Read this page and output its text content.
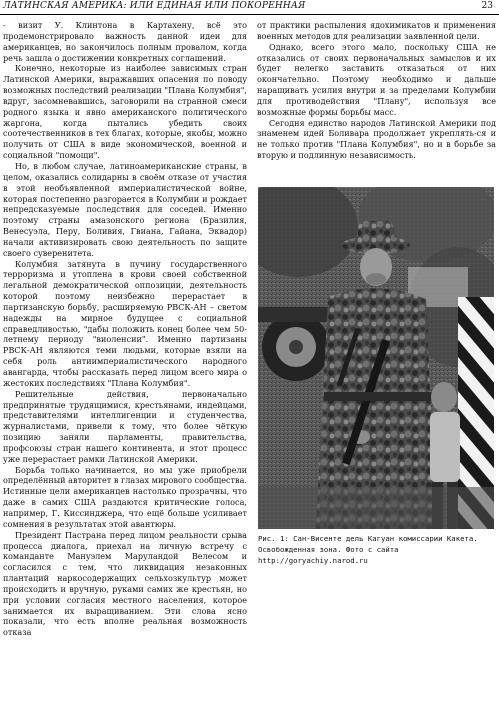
ЛАТИНСКАЯ АМЕРИКА: ИЛИ ЕДИНАЯ ИЛИ ПОКОРЕННАЯ	23

- визит У. Клинтона в Картахену, всё это продемонстрировало важность данной идеи для американцев, но закончилось полным провалом, когда речь зашла о достижении конкретных соглашений.

Конечно, некоторые из наиболее зависимых стран Латинской Америки, выражавших опасения по поводу возможных последствий реализации "Плана Колумбия", вдруг, засомневавшись, заговорили на странной смеси родного языка и явно американского политического жаргона, когда пытались убедить своих соотечественников в тех благах, которые, якобы, можно получить от США в виде экономической, военной и социальной "помощи".

Но, в любом случае, латиноамериканские страны, в целом, оказались солидарны в своём отказе от участия в этой необъявленной империалистической войне, которая постепенно разгорается в Колумбии и рождает непредсказуемые последствия для соседей. Именно поэтому страны амазонского региона (Бразилия, Венесуэла, Перу, Боливия, Гвиана, Гайана, Эквадор) начали активизировать свою деятельность по защите своего суверенитета.

Колумбия затянута в пучину государственного терроризма и утоплена в крови своей собственной легальной демократической оппозиции, деятельность которой поэтому неизбежно перерастает в партизанскую борьбу, расширяемую РВСК-АН – светом надежды на мирное будущее с социальной справедливостью, "дабы положить конец более чем 50-летнему периоду "виоленсии". Именно партизаны РВСК-АН являются теми людьми, которые взяли на себя роль антиимпериалистического народного авангарда, чтобы рассказать перед лицом всего мира о жестоких последствиях "Плана Колумбия".

Решительные действия, первоначально предпринятые трудящимися, крестьянами, индейцами, представителями интеллигенции и студенчества, журналистами, привели к тому, что более чёткую позицию заняли парламенты, правительства, профсоюзы стран нашего континента, и этот процесс уже перерастает рамки Латинской Америки.

Борьба только начинается, но мы уже приобрели определённый авторитет в глазах мирового сообщества. Истинные цели американцев настолько прозрачны, что даже в самих США раздаются критические голоса, например, Г. Киссинджера, что ещё больше усиливает сомнения в результатах этой авантюры.

Президент Пастрана перед лицом реальности срыва процесса диалога, приехал на личную встречу с команданте Мануэлем Маруландой Велесом и согласился с тем, что ликвидация незаконных плантаций наркосодержащих сельхозкультур может происходить и вручную, руками самих же крестьян, но при условии согласия местного населения, которое занимается их выращиванием. Эти слова ясно показали, что есть вполне реальная возможность отказа

от практики распыления ядохимикатов и применения военных методов для реализации заявленной цели.

Однако, всего этого мало, поскольку США не отказались от своих первоначальных замыслов и их будет нелегко заставить отказаться от них окончательно. Поэтому необходимо и дальше наращивать усилия внутри и за пределами Колумбии для противодействия "Плану", используя все возможные формы борьбы масс.

Сегодня единство народов Латинской Америки под знаменем идей Боливара продолжает укреплять-ся и не только против "Плана Колумбия", но и в борьбе за вторую и подлинную независимость.

Рис. 1: Сан-Висенте дель Кагуан комиссарии Какета. Освобожденная зона. Фото с сайта http://goryachiy.narod.ru
